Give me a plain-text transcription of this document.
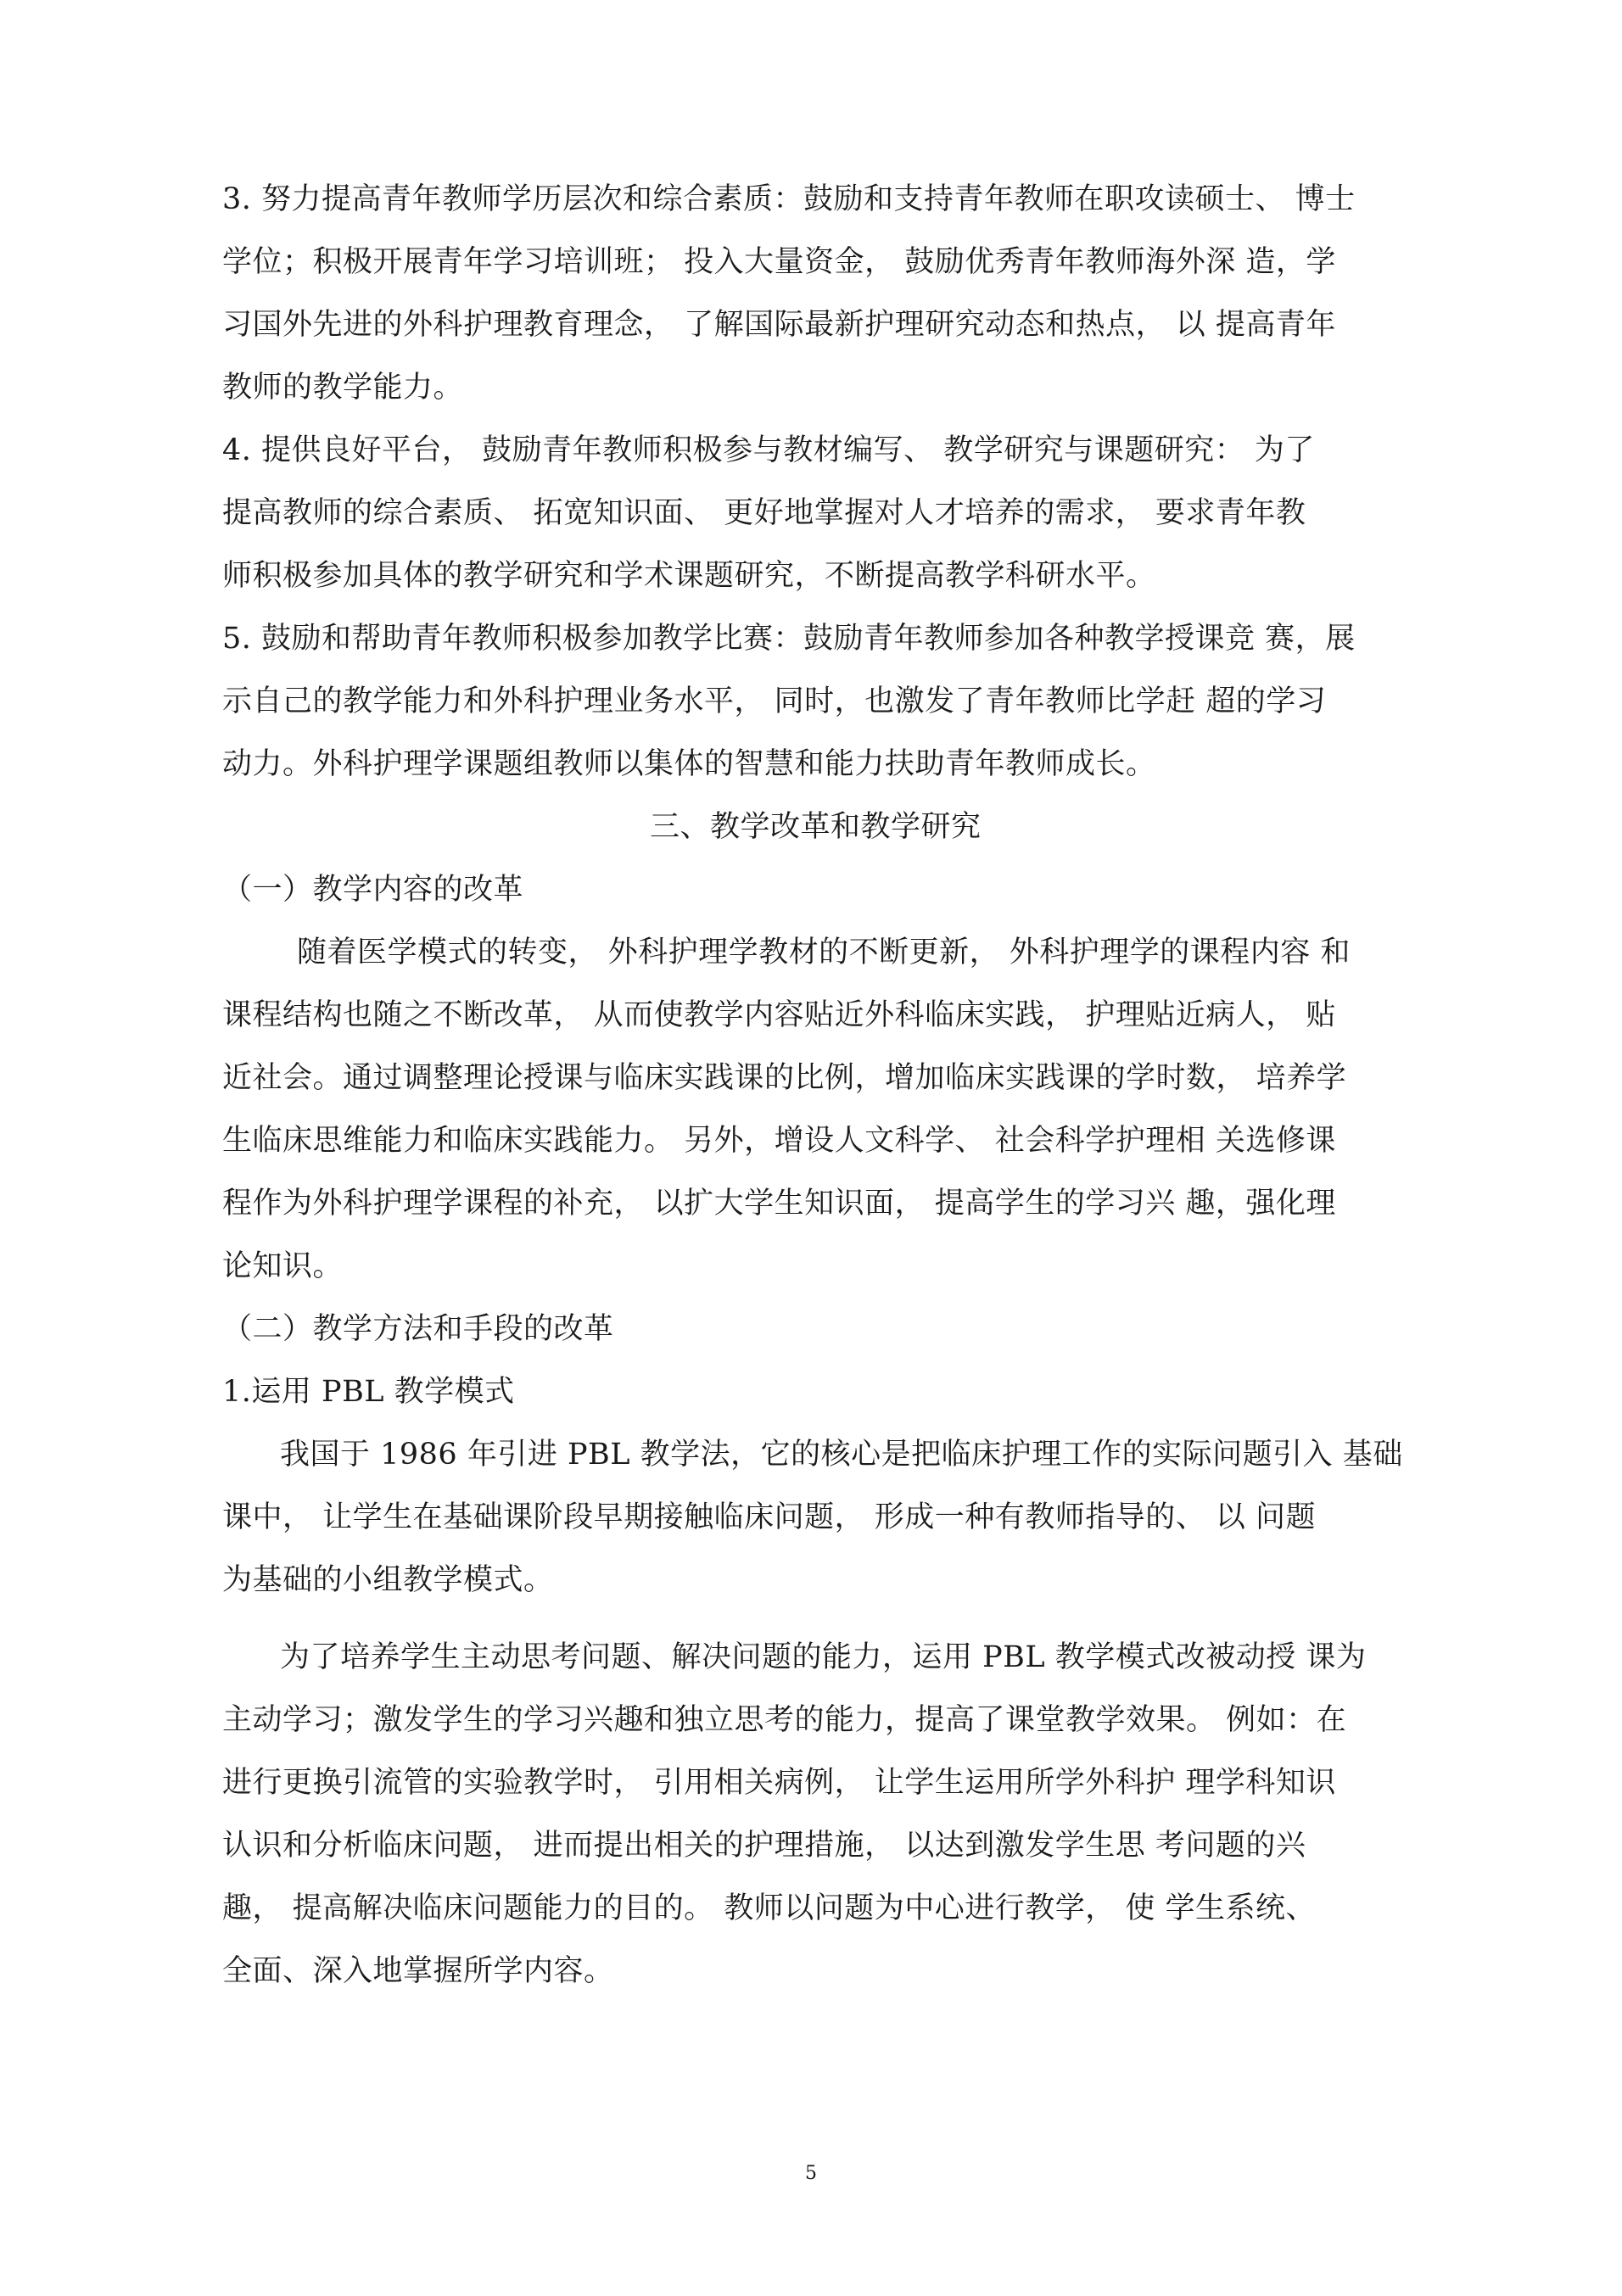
3. 努力提高青年教师学历层次和综合素质：鼓励和支持青年教师在职攻读硕士、 博士
学位；积极开展青年学习培训班； 投入大量资金， 鼓励优秀青年教师海外深 造，学
习国外先进的外科护理教育理念， 了解国际最新护理研究动态和热点， 以 提高青年
教师的教学能力。
4. 提供良好平台， 鼓励青年教师积极参与教材编写、 教学研究与课题研究： 为了
提高教师的综合素质、 拓宽知识面、 更好地掌握对人才培养的需求， 要求青年教
师积极参加具体的教学研究和学术课题研究，不断提高教学科研水平。
5. 鼓励和帮助青年教师积极参加教学比赛：鼓励青年教师参加各种教学授课竞 赛，展
示自己的教学能力和外科护理业务水平， 同时，也激发了青年教师比学赶 超的学习
动力。外科护理学课题组教师以集体的智慧和能力扶助青年教师成长。
三、教学改革和教学研究
（一）教学内容的改革
随着医学模式的转变， 外科护理学教材的不断更新， 外科护理学的课程内容 和
课程结构也随之不断改革， 从而使教学内容贴近外科临床实践， 护理贴近病人， 贴
近社会。通过调整理论授课与临床实践课的比例，增加临床实践课的学时数， 培养学
生临床思维能力和临床实践能力。 另外，增设人文科学、 社会科学护理相 关选修课
程作为外科护理学课程的补充， 以扩大学生知识面， 提高学生的学习兴 趣，强化理
论知识。
（二）教学方法和手段的改革
1.运用 PBL 教学模式
我国于 1986 年引进 PBL 教学法，它的核心是把临床护理工作的实际问题引入 基础
课中， 让学生在基础课阶段早期接触临床问题， 形成一种有教师指导的、 以 问题
为基础的小组教学模式。
为了培养学生主动思考问题、解决问题的能力，运用 PBL 教学模式改被动授 课为
主动学习；激发学生的学习兴趣和独立思考的能力，提高了课堂教学效果。 例如：在
进行更换引流管的实验教学时， 引用相关病例， 让学生运用所学外科护 理学科知识
认识和分析临床问题， 进而提出相关的护理措施， 以达到激发学生思 考问题的兴
趣， 提高解决临床问题能力的目的。 教师以问题为中心进行教学， 使 学生系统、
全面、深入地掌握所学内容。
5
